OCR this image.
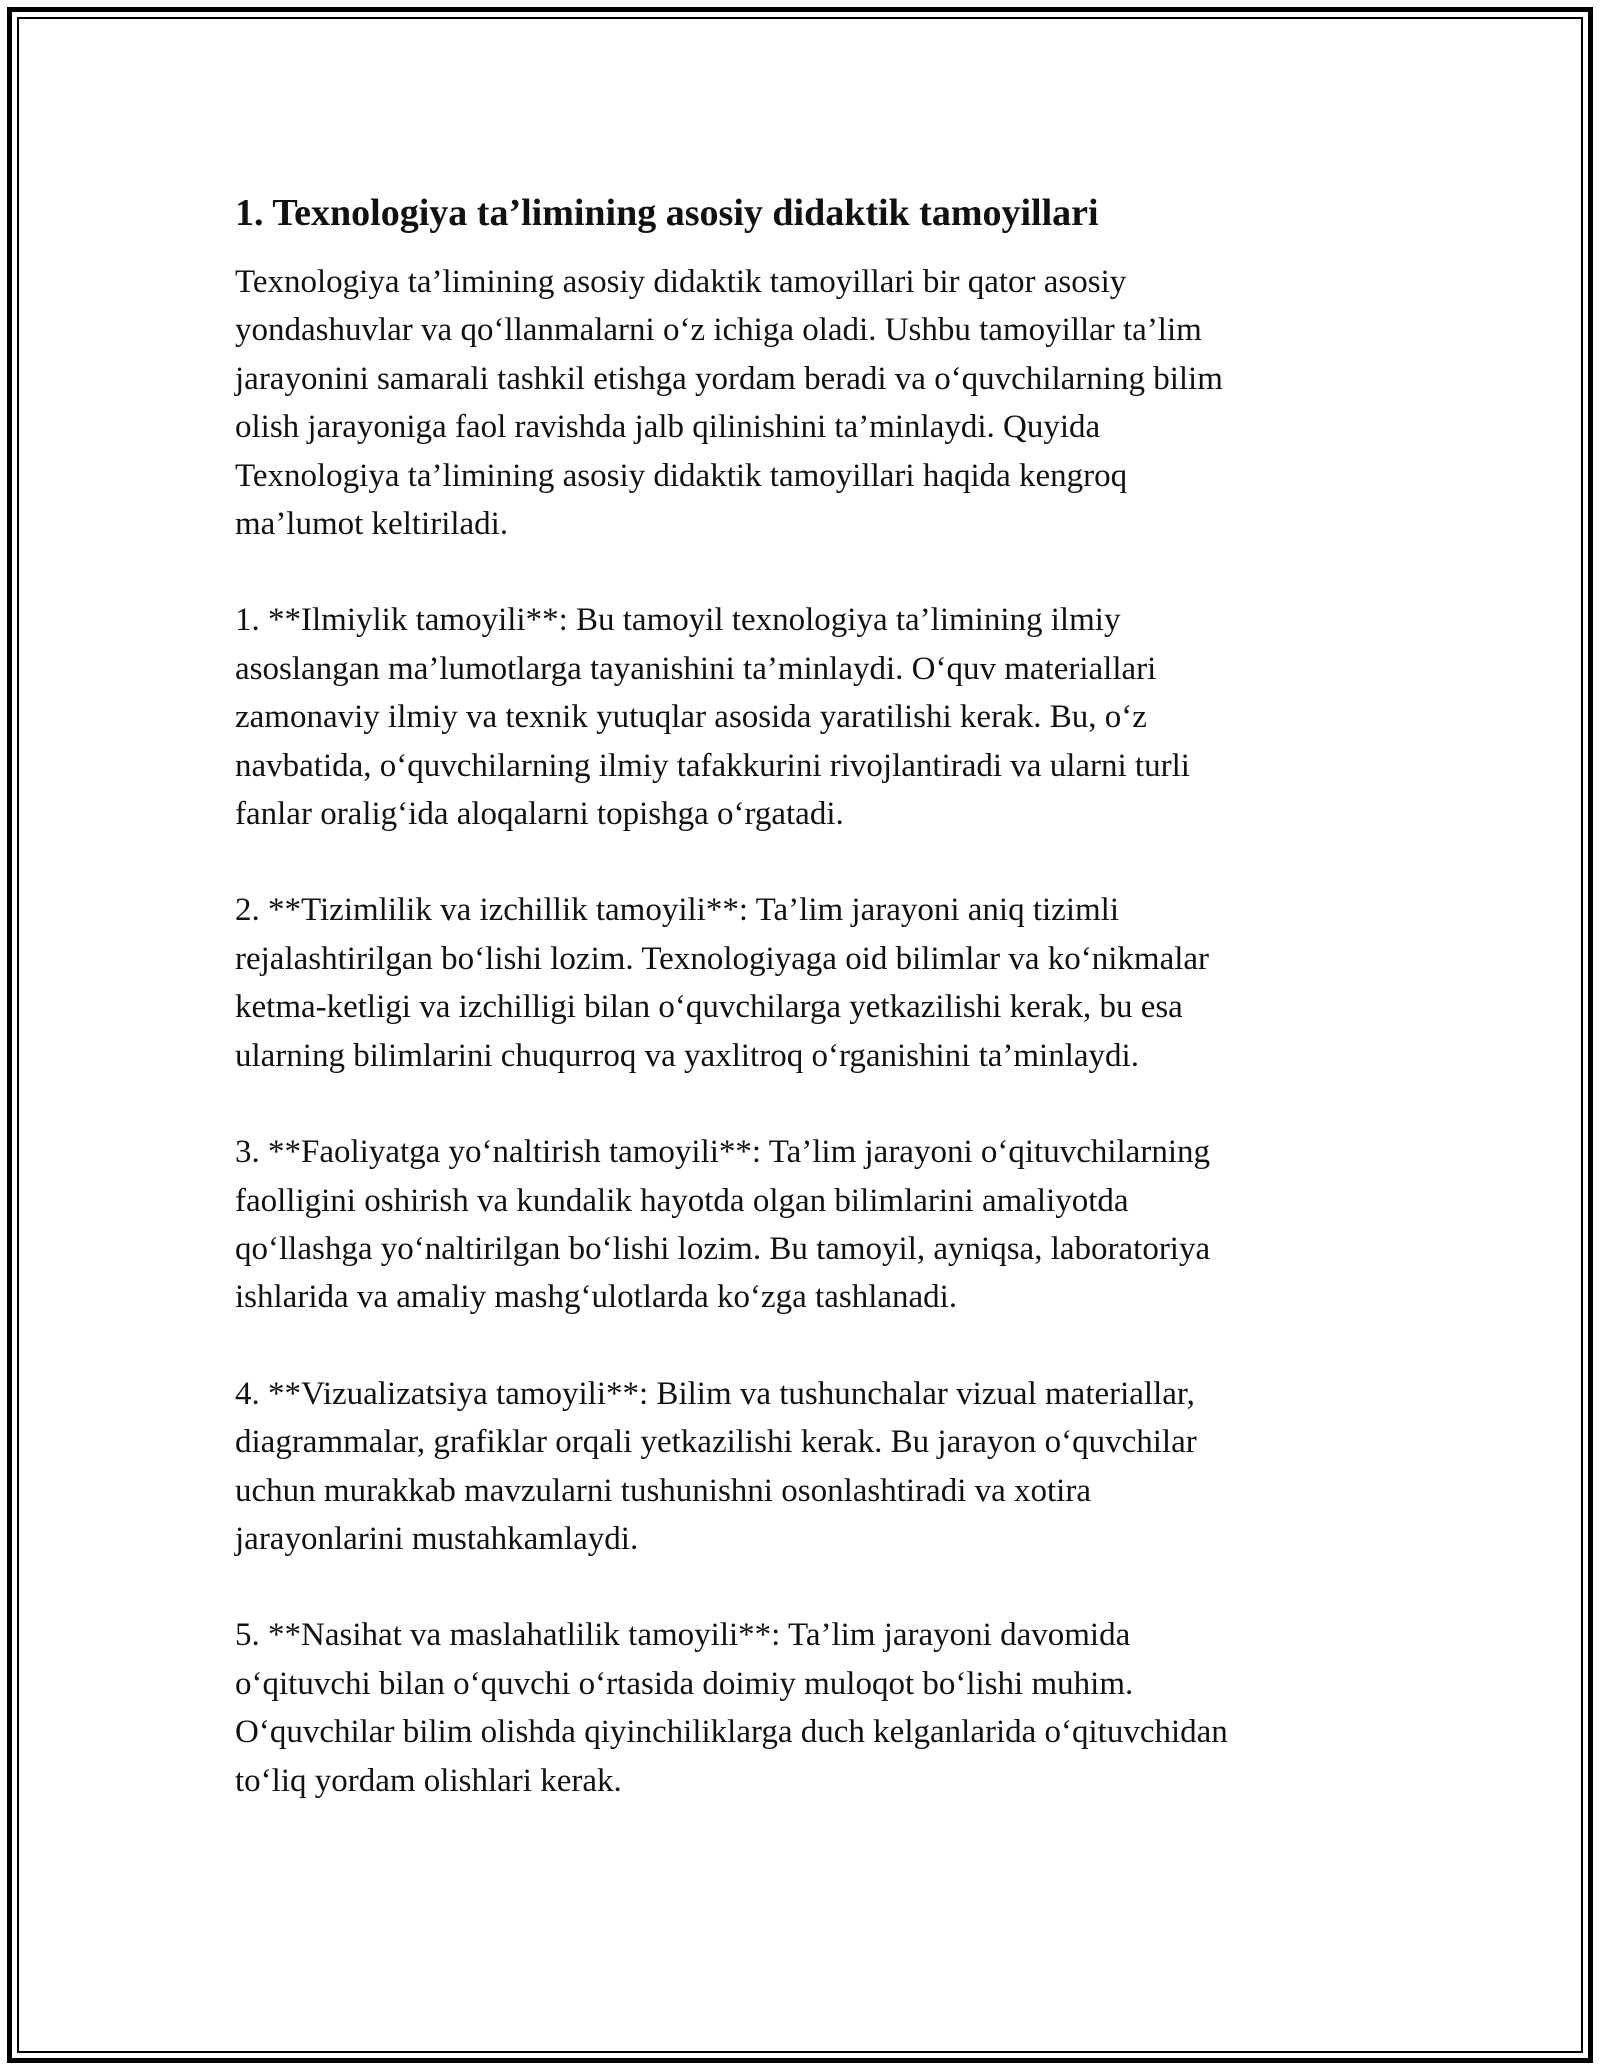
1. Texnologiya ta’limining asosiy didaktik tamoyillari

Texnologiya ta’limining asosiy didaktik tamoyillari bir qator asosiy
yondashuvlar va qo‘llanmalarni o‘z ichiga oladi. Ushbu tamoyillar ta’lim
jarayonini samarali tashkil etishga yordam beradi va o‘quvchilarning bilim
olish jarayoniga faol ravishda jalb qilinishini ta’minlaydi. Quyida
Texnologiya ta’limining asosiy didaktik tamoyillari haqida kengroq
ma’lumot keltiriladi.

1. **Ilmiylik tamoyili**: Bu tamoyil texnologiya ta’limining ilmiy
asoslangan ma’lumotlarga tayanishini ta’minlaydi. O‘quv materiallari
zamonaviy ilmiy va texnik yutuqlar asosida yaratilishi kerak. Bu, o‘z
navbatida, o‘quvchilarning ilmiy tafakkurini rivojlantiradi va ularni turli
fanlar oralig‘ida aloqalarni topishga o‘rgatadi.

2. **Tizimlilik va izchillik tamoyili**: Ta’lim jarayoni aniq tizimli
rejalashtirilgan bo‘lishi lozim. Texnologiyaga oid bilimlar va ko‘nikmalar
ketma-ketligi va izchilligi bilan o‘quvchilarga yetkazilishi kerak, bu esa
ularning bilimlarini chuqurroq va yaxlitroq o‘rganishini ta’minlaydi.

3. **Faoliyatga yo‘naltirish tamoyili**: Ta’lim jarayoni o‘qituvchilarning
faolligini oshirish va kundalik hayotda olgan bilimlarini amaliyotda
qo‘llashga yo‘naltirilgan bo‘lishi lozim. Bu tamoyil, ayniqsa, laboratoriya
ishlarida va amaliy mashg‘ulotlarda ko‘zga tashlanadi.

4. **Vizualizatsiya tamoyili**: Bilim va tushunchalar vizual materiallar,
diagrammalar, grafiklar orqali yetkazilishi kerak. Bu jarayon o‘quvchilar
uchun murakkab mavzularni tushunishni osonlashtiradi va xotira
jarayonlarini mustahkamlaydi.

5. **Nasihat va maslahatlilik tamoyili**: Ta’lim jarayoni davomida
o‘qituvchi bilan o‘quvchi o‘rtasida doimiy muloqot bo‘lishi muhim.
O‘quvchilar bilim olishda qiyinchiliklarga duch kelganlarida o‘qituvchidan
to‘liq yordam olishlari kerak.
